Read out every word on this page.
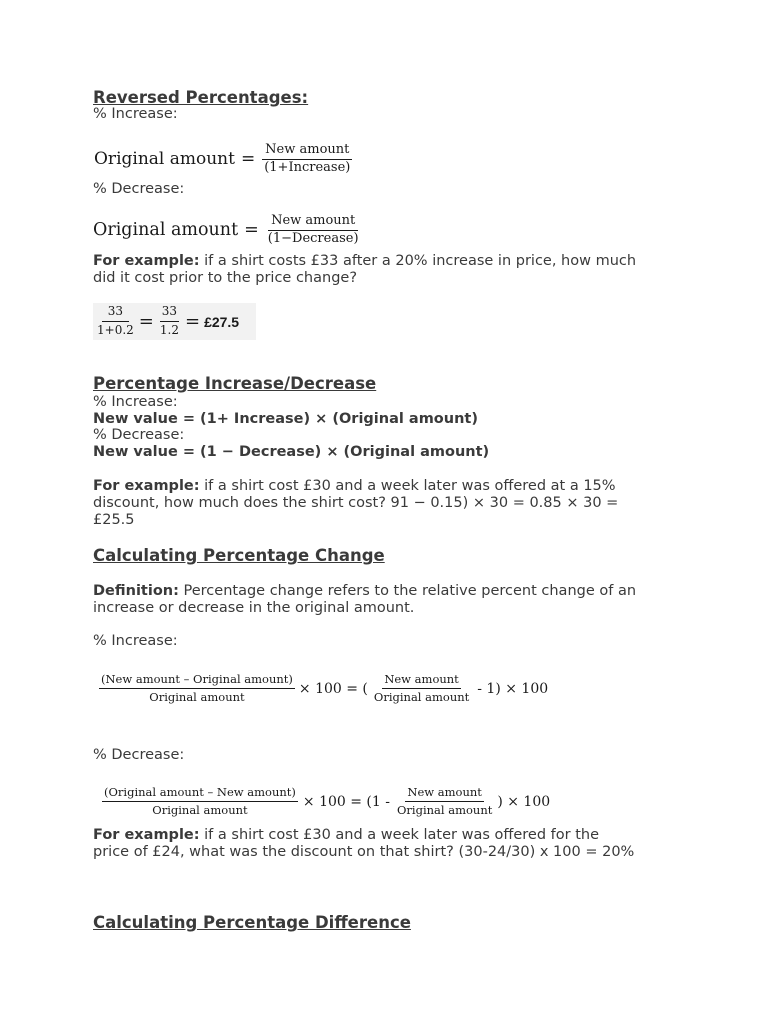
Reversed Percentages:
% Increase:
Original amount = $\frac{\text{New amount}}{\text{(1+Increase)}}$
% Decrease:
Original amount = $\frac{\text{New amount}}{\text{(1−Decrease)}}$
For example: if a shirt costs £33 after a 20% increase in price, how much
did it cost prior to the price change?
$\frac{33}{1+0.2} = \frac{33}{1.2}$ = £27.5
Percentage Increase/Decrease
% Increase:
New value = (1+ Increase) × (Original amount)
% Decrease:
New value = (1 − Decrease) × (Original amount)
For example: if a shirt cost £30 and a week later was offered at a 15%
discount, how much does the shirt cost? 91 − 0.15) × 30 = 0.85 × 30 =
£25.5
Calculating Percentage Change
Definition: Percentage change refers to the relative percent change of an
increase or decrease in the original amount.
% Increase:
$\frac{\text{(New amount – Original amount)}}{\text{Original amount}} \times 100$ = ( $\frac{\text{New amount}}{\text{Original amount}} - 1) \times 100$
% Decrease:
$\frac{\text{(Original amount – New amount)}}{\text{Original amount}} \times 100 = (1 - \frac{\text{New amount}}{\text{Original amount}}$ ) × 100
For example: if a shirt cost £30 and a week later was offered for the
price of £24, what was the discount on that shirt? (30-24/30) x 100 = 20%
Calculating Percentage Difference
